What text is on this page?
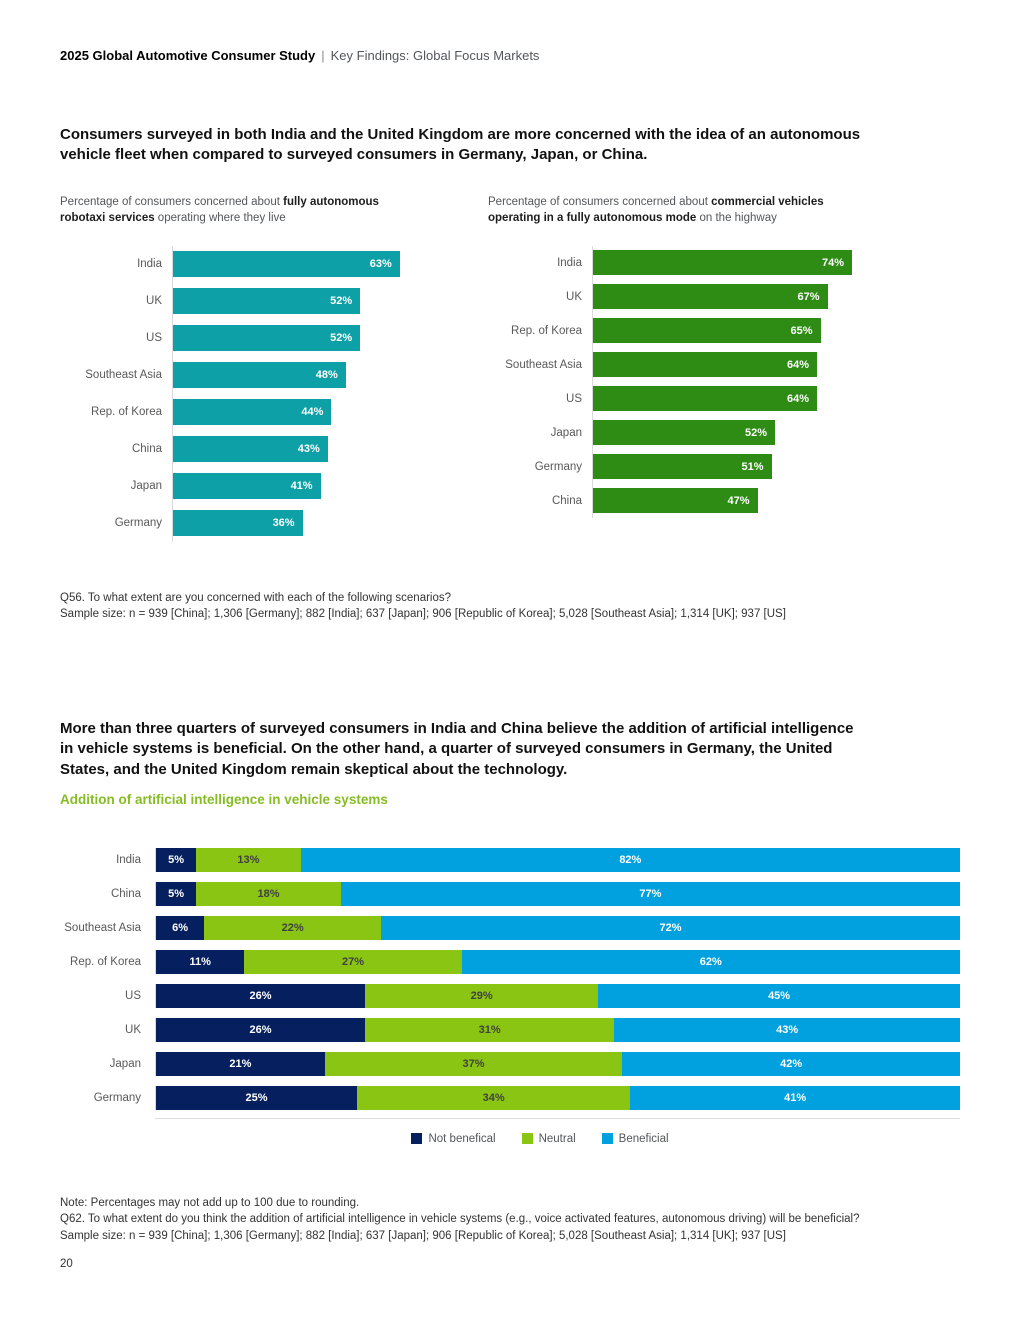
2025 Global Automotive Consumer Study | Key Findings: Global Focus Markets
Consumers surveyed in both India and the United Kingdom are more concerned with the idea of an autonomous vehicle fleet when compared to surveyed consumers in Germany, Japan, or China.

Percentage of consumers concerned about fully autonomous robotaxi services operating where they live

India	63%
UK	52%
US	52%
Southeast Asia	48%
Rep. of Korea	44%
China	43%
Japan	41%
Germany	36%

Percentage of consumers concerned about commercial vehicles operating in a fully autonomous mode on the highway

India	74%
UK	67%
Rep. of Korea	65%
Southeast Asia	64%
US	64%
Japan	52%
Germany	51%
China	47%
Q56. To what extent are you concerned with each of the following scenarios?
Sample size: n = 939 [China]; 1,306 [Germany]; 882 [India]; 637 [Japan]; 906 [Republic of Korea]; 5,028 [Southeast Asia]; 1,314 [UK]; 937 [US]
More than three quarters of surveyed consumers in India and China believe the addition of artificial intelligence in vehicle systems is beneficial. On the other hand, a quarter of surveyed consumers in Germany, the United States, and the United Kingdom remain skeptical about the technology.
Addition of artificial intelligence in vehicle systems
India	5%	13%	82%
China	5%	18%	77%
Southeast Asia	6%	22%	72%
Rep. of Korea	11%	27%	62%
US	26%	29%	45%
UK	26%	31%	43%
Japan	21%	37%	42%
Germany	25%	34%	41%
Not benefical	Neutral	Beneficial
Note: Percentages may not add up to 100 due to rounding.
Q62. To what extent do you think the addition of artificial intelligence in vehicle systems (e.g., voice activated features, autonomous driving) will be beneficial?
Sample size: n = 939 [China]; 1,306 [Germany]; 882 [India]; 637 [Japan]; 906 [Republic of Korea]; 5,028 [Southeast Asia]; 1,314 [UK]; 937 [US]
20
